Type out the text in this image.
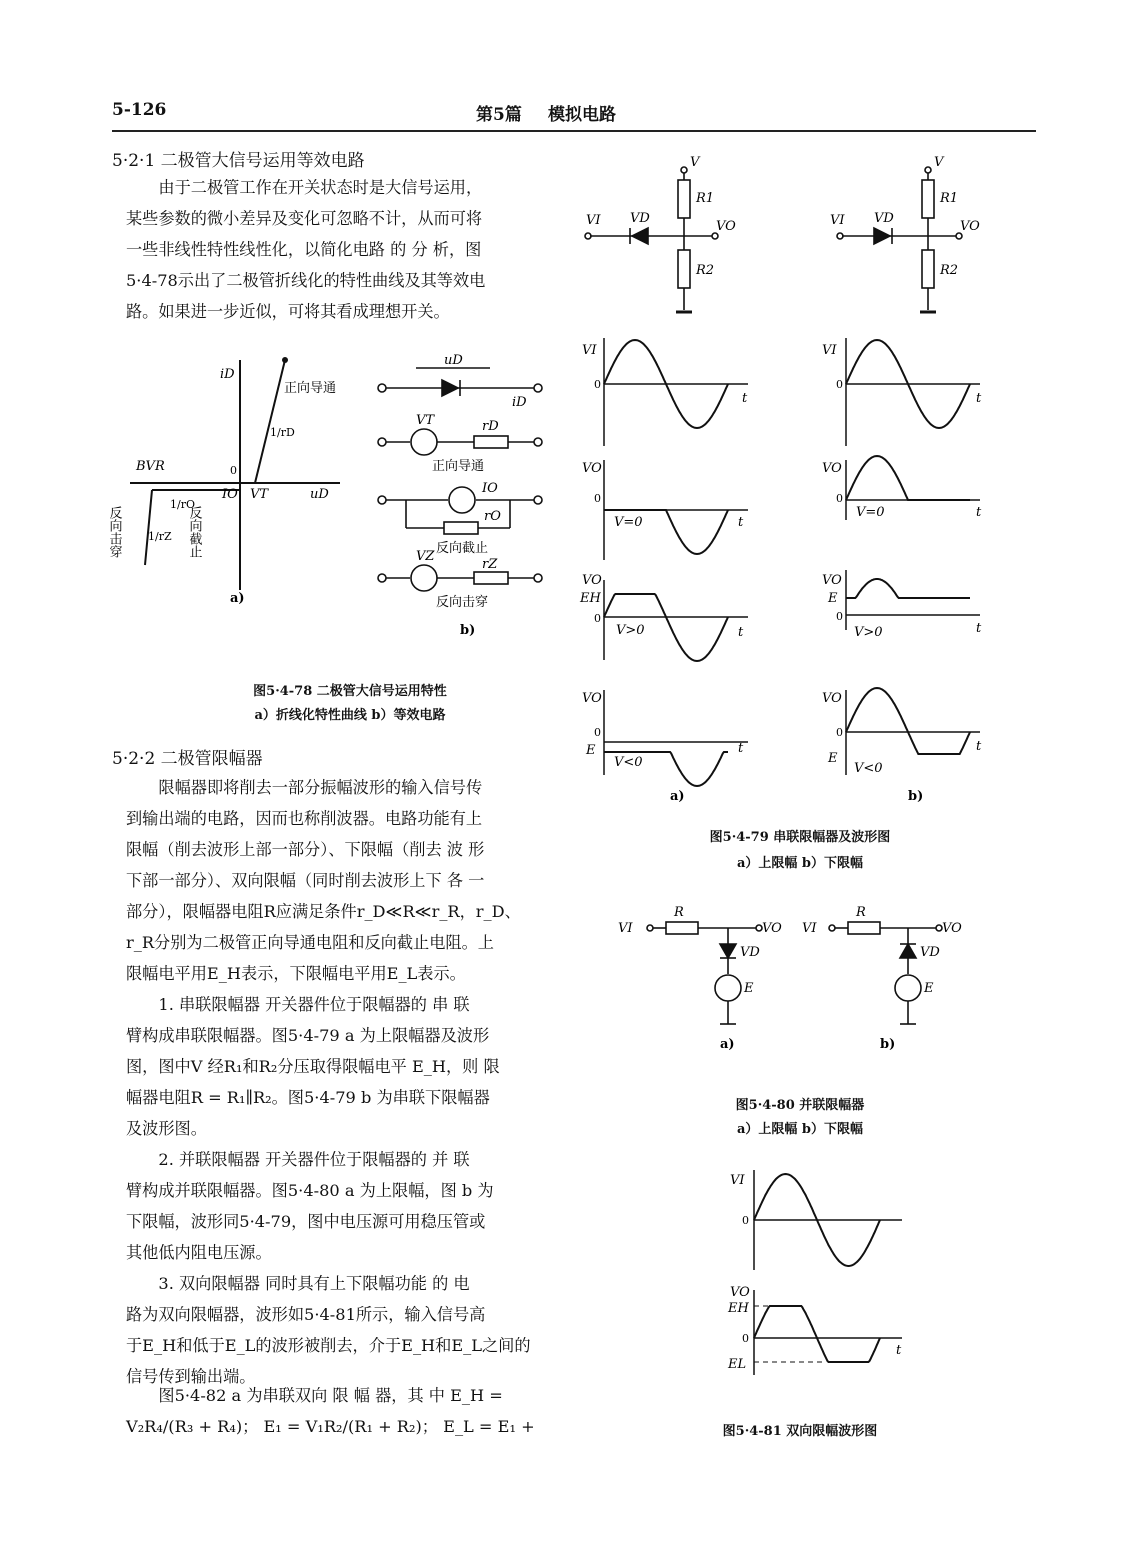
5-126	第5篇 模拟电路
5·2·1 二极管大信号运用等效电路
由于二极管工作在开关状态时是大信号运用，
某些参数的微小差异及变化可忽略不计，从而可将
一些非线性特性线性化，以简化电路 的 分 析，图
5·4-78示出了二极管折线化的特性曲线及其等效电
路。如果进一步近似，可将其看成理想开关。
iD
正向导通
1/rD
BVR	0
VT
IO	uD
1/rO
1/rZ 反向截止
反向击穿
a)
uD
iD
VT	rD
正向导通
IO
rO
反向截止
VZ
rZ
反向击穿
b)
图5·4-78 二极管大信号运用特性
a）折线化特性曲线 b）等效电路
5·2·2 二极管限幅器
限幅器即将削去一部分振幅波形的输入信号传
到输出端的电路，因而也称削波器。电路功能有上
限幅（削去波形上部一部分）、下限幅（削去 波 形
下部一部分）、双向限幅（同时削去波形上下 各 一
部分），限幅器电阻R应满足条件r_D≪R≪r_R，r_D、
r_R分别为二极管正向导通电阻和反向截止电阻。上
限幅电平用E_H表示，下限幅电平用E_L表示。
1. 串联限幅器 开关器件位于限幅器的 串 联
臂构成串联限幅器。图5·4-79 a 为上限幅器及波形
图，图中V 经R₁和R₂分压取得限幅电平 E_H，则 限
幅器电阻R = R₁∥R₂。图5·4-79 b 为串联下限幅器
及波形图。
2. 并联限幅器 开关器件位于限幅器的 并 联
臂构成并联限幅器。图5·4-80 a 为上限幅，图 b 为
下限幅，波形同5·4-79，图中电压源可用稳压管或
其他低内阻电压源。
3. 双向限幅器 同时具有上下限幅功能 的 电
路为双向限幅器，波形如5·4-81所示，输入信号高
于E_H和低于E_L的波形被削去，介于E_H和E_L之间的
信号传到输出端。
图5·4-82 a 为串联双向 限 幅 器，其 中 E_H =
V₂R₄/(R₃ + R₄)； E₁ = V₁R₂/(R₁ + R₂)； E_L = E₁ +
V
R1
R2
VI VD
VO
V
R1
R2
VI VD
VO
VI
0
t
VO
0
V=0	t
VO
EH
0
V>0	t
VO
0
E
V<0
t
a)
VI
0
t
VO
0
V=0	t
VO
E
0
V>0	t
VO
0
E
V<0
t
b)
图5·4-79 串联限幅器及波形图
a）上限幅 b）下限幅
VI
R
VO
VD
E
a)
VI
R
VO
VD
E
b)
图5·4-80 并联限幅器
a）上限幅 b）下限幅
VI
0
VO
EH
0
t
EL
图5·4-81 双向限幅波形图
